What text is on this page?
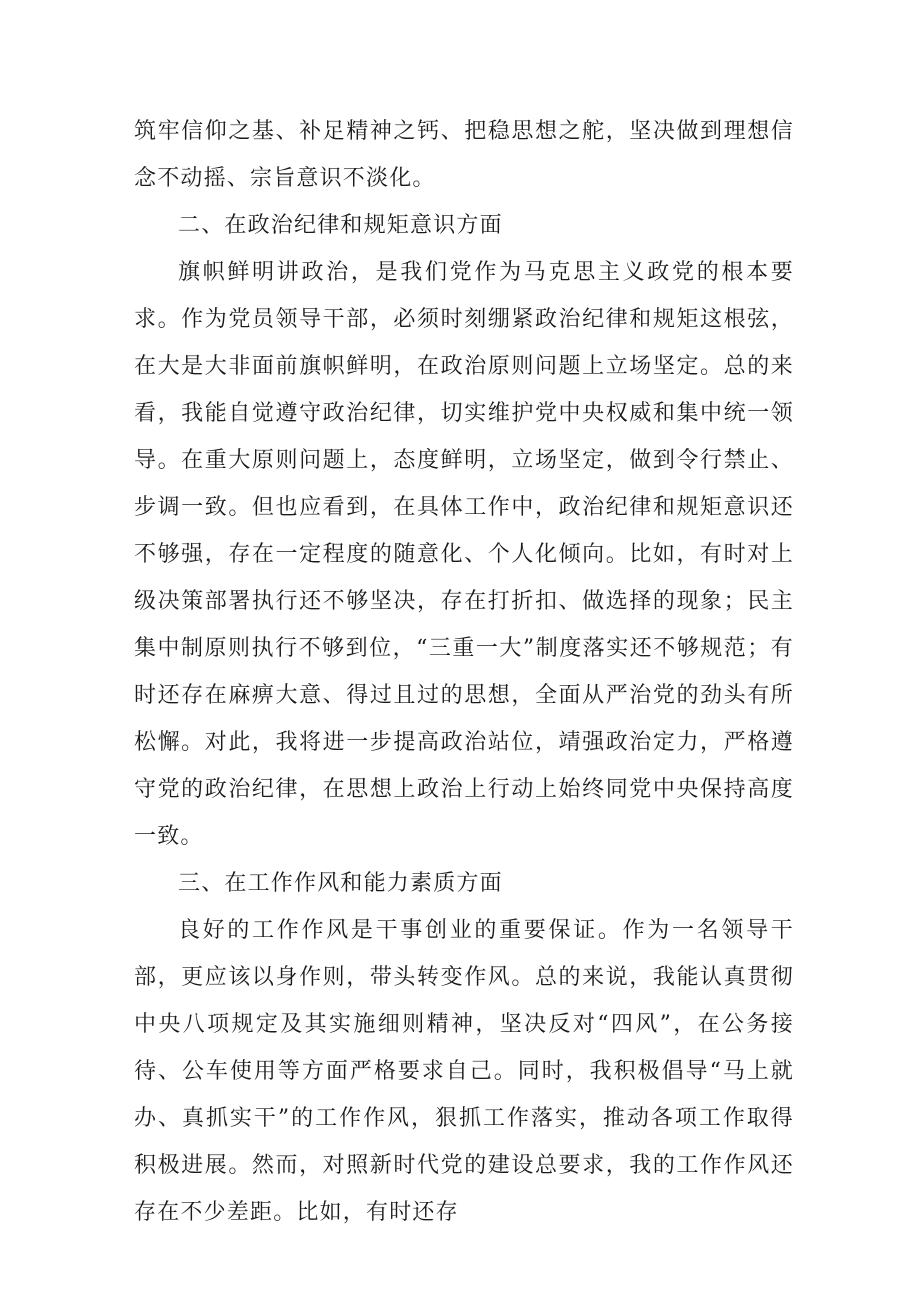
筑牢信仰之基、补足精神之钙、把稳思想之舵，坚决做到理想信念不动摇、宗旨意识不淡化。

二、在政治纪律和规矩意识方面

旗帜鲜明讲政治，是我们党作为马克思主义政党的根本要求。作为党员领导干部，必须时刻绷紧政治纪律和规矩这根弦，在大是大非面前旗帜鲜明，在政治原则问题上立场坚定。总的来看，我能自觉遵守政治纪律，切实维护党中央权威和集中统一领导。在重大原则问题上，态度鲜明，立场坚定，做到令行禁止、步调一致。但也应看到，在具体工作中，政治纪律和规矩意识还不够强，存在一定程度的随意化、个人化倾向。比如，有时对上级决策部署执行还不够坚决，存在打折扣、做选择的现象；民主集中制原则执行不够到位，“三重一大”制度落实还不够规范；有时还存在麻痹大意、得过且过的思想，全面从严治党的劲头有所松懈。对此，我将进一步提高政治站位，靖强政治定力，严格遵守党的政治纪律，在思想上政治上行动上始终同党中央保持高度一致。

三、在工作作风和能力素质方面

良好的工作作风是干事创业的重要保证。作为一名领导干部，更应该以身作则，带头转变作风。总的来说，我能认真贯彻中央八项规定及其实施细则精神，坚决反对“四风”，在公务接待、公车使用等方面严格要求自己。同时，我积极倡导“马上就办、真抓实干”的工作作风，狠抓工作落实，推动各项工作取得积极进展。然而，对照新时代党的建设总要求，我的工作作风还存在不少差距。比如，有时还存
